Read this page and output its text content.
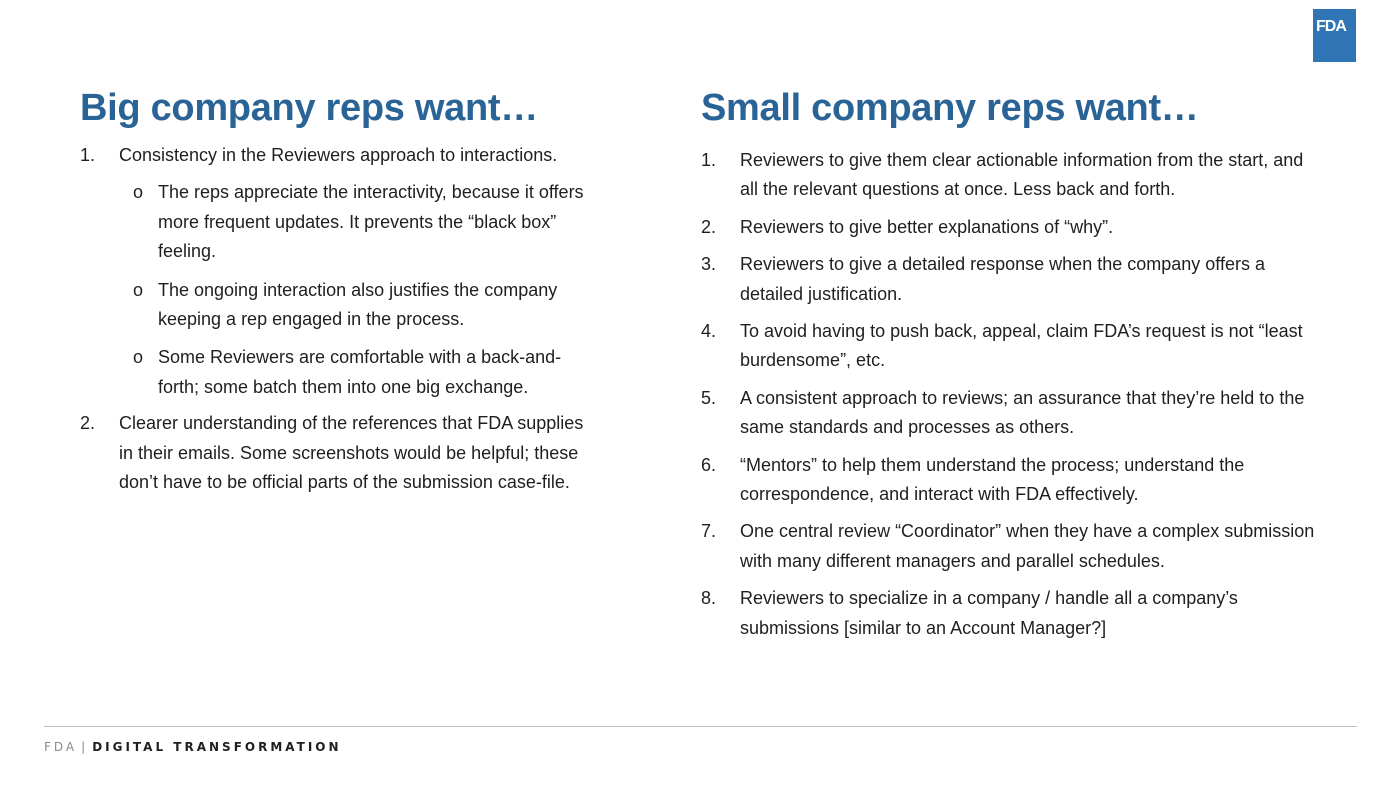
FDA
Big company reps want…
1. Consistency in the Reviewers approach to interactions.
o The reps appreciate the interactivity, because it offers more frequent updates. It prevents the “black box” feeling.
o The ongoing interaction also justifies the company keeping a rep engaged in the process.
o Some Reviewers are comfortable with a back-and-forth; some batch them into one big exchange.
2. Clearer understanding of the references that FDA supplies in their emails. Some screenshots would be helpful; these don’t have to be official parts of the submission case-file.
Small company reps want…
1. Reviewers to give them clear actionable information from the start, and all the relevant questions at once. Less back and forth.
2. Reviewers to give better explanations of “why”.
3. Reviewers to give a detailed response when the company offers a detailed justification.
4. To avoid having to push back, appeal, claim FDA’s request is not “least burdensome”, etc.
5. A consistent approach to reviews; an assurance that they’re held to the same standards and processes as others.
6. “Mentors” to help them understand the process; understand the correspondence, and interact with FDA effectively.
7. One central review “Coordinator” when they have a complex submission with many different managers and parallel schedules.
8. Reviewers to specialize in a company / handle all a company’s submissions [similar to an Account Manager?]
FDA | DIGITAL TRANSFORMATION
